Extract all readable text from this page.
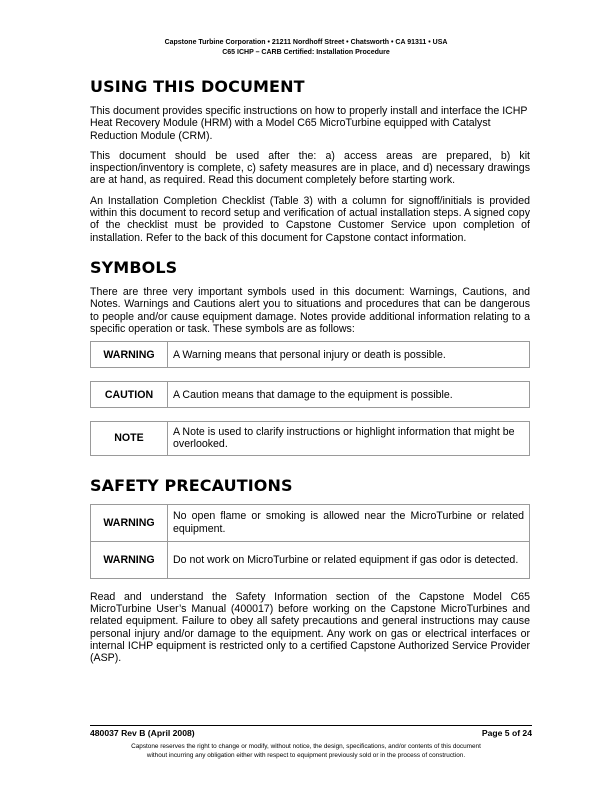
Capstone Turbine Corporation • 21211 Nordhoff Street • Chatsworth • CA 91311 • USA
C65 ICHP – CARB Certified: Installation Procedure
USING THIS DOCUMENT

This document provides specific instructions on how to properly install and interface the ICHP Heat Recovery Module (HRM) with a Model C65 MicroTurbine equipped with Catalyst Reduction Module (CRM).

This document should be used after the: a) access areas are prepared, b) kit inspection/inventory is complete, c) safety measures are in place, and d) necessary drawings are at hand, as required. Read this document completely before starting work.

An Installation Completion Checklist (Table 3) with a column for signoff/initials is provided within this document to record setup and verification of actual installation steps. A signed copy of the checklist must be provided to Capstone Customer Service upon completion of installation. Refer to the back of this document for Capstone contact information.

SYMBOLS

There are three very important symbols used in this document: Warnings, Cautions, and Notes. Warnings and Cautions alert you to situations and procedures that can be dangerous to people and/or cause equipment damage. Notes provide additional information relating to a specific operation or task. These symbols are as follows:

WARNING	A Warning means that personal injury or death is possible.
CAUTION	A Caution means that damage to the equipment is possible.
NOTE	A Note is used to clarify instructions or highlight information that might be overlooked.
SAFETY PRECAUTIONS
WARNING	No open flame or smoking is allowed near the MicroTurbine or related equipment.
WARNING	Do not work on MicroTurbine or related equipment if gas odor is detected.

Read and understand the Safety Information section of the Capstone Model C65 MicroTurbine User’s Manual (400017) before working on the Capstone MicroTurbines and related equipment. Failure to obey all safety precautions and general instructions may cause personal injury and/or damage to the equipment. Any work on gas or electrical interfaces or internal ICHP equipment is restricted only to a certified Capstone Authorized Service Provider (ASP).

480037 Rev B (April 2008)	Page 5 of 24
Capstone reserves the right to change or modify, without notice, the design, specifications, and/or contents of this document
without incurring any obligation either with respect to equipment previously sold or in the process of construction.
